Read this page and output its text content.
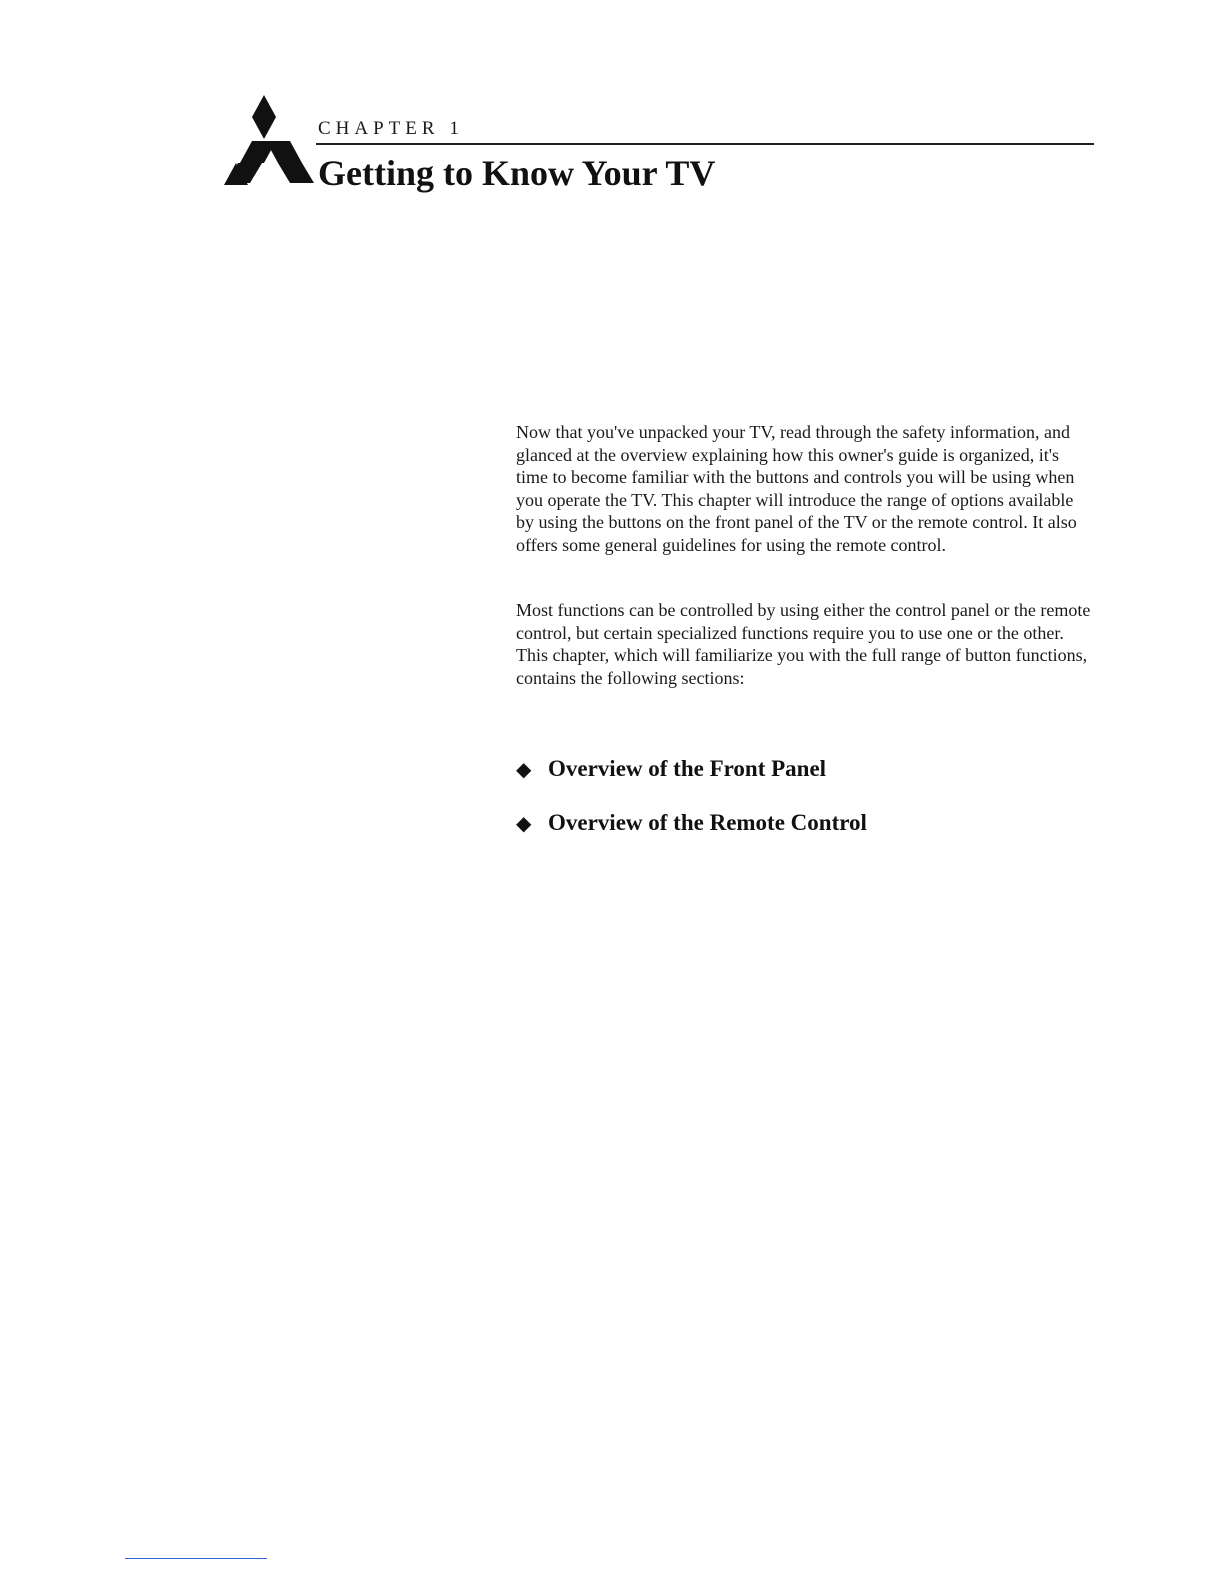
CHAPTER 1
Getting to Know Your TV

Now that you've unpacked your TV, read through the safety information, and glanced at the overview explaining how this owner's guide is organized, it's time to become familiar with the buttons and controls you will be using when you operate the TV. This chapter will introduce the range of options available by using the buttons on the front panel of the TV or the remote control. It also offers some general guidelines for using the remote control.

Most functions can be controlled by using either the control panel or the remote control, but certain specialized functions require you to use one or the other. This chapter, which will familiarize you with the full range of button functions, contains the following sections:

◆ Overview of the Front Panel
◆ Overview of the Remote Control
